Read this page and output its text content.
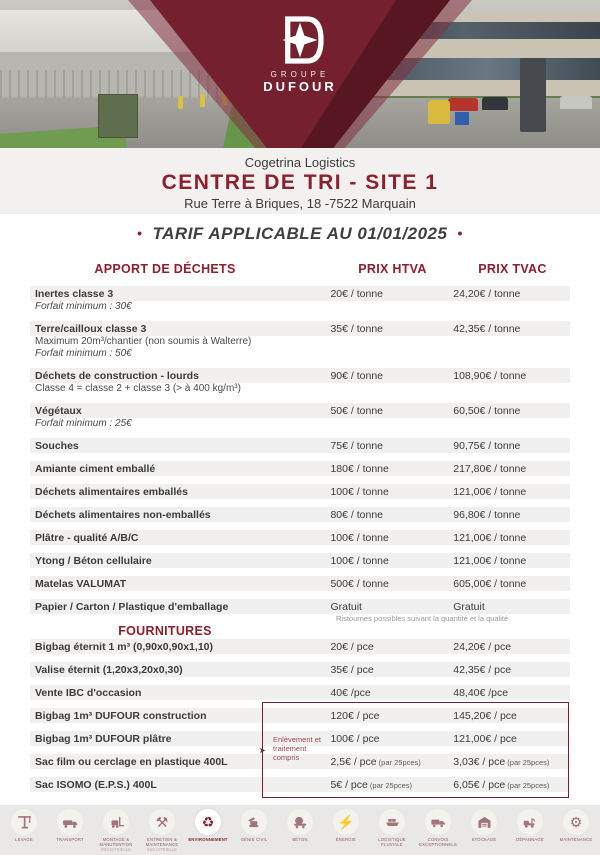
GROUPE
DUFOUR
Cogetrina Logistics
CENTRE DE TRI - SITE 1
Rue Terre à Briques, 18 -7522 Marquain
• TARIF APPLICABLE AU 01/01/2025 •
APPORT DE DÉCHETS	PRIX HTVA	PRIX TVAC
Inertes classe 3	20€ / tonne	24,20€ / tonne
Forfait minimum : 30€
Terre/cailloux classe 3	35€ / tonne	42,35€ / tonne
Maximum 20m³/chantier (non soumis à Walterre)
Forfait minimum : 50€
Déchets de construction - lourds	90€ / tonne	108,90€ / tonne
Classe 4 = classe 2 + classe 3 (> à 400 kg/m³)
Végétaux	50€ / tonne	60,50€ / tonne
Forfait minimum : 25€
Souches	75€ / tonne	90,75€ / tonne
Amiante ciment emballé	180€ / tonne	217,80€ / tonne
Déchets alimentaires emballés	100€ / tonne	121,00€ / tonne
Déchets alimentaires non-emballés	80€ / tonne	96,80€ / tonne
Plâtre - qualité A/B/C	100€ / tonne	121,00€ / tonne
Ytong / Béton cellulaire	100€ / tonne	121,00€ / tonne
Matelas VALUMAT	500€ / tonne	605,00€ / tonne
Papier / Carton / Plastique d'emballage	Gratuit	Gratuit
Ristournes possibles suivant la quantité et la qualité
FOURNITURES
Bigbag éternit 1 m³ (0,90x0,90x1,10)	20€ / pce	24,20€ / pce
Valise éternit (1,20x3,20x0,30)	35€ / pce	42,35€ / pce
Vente IBC d'occasion	40€ /pce	48,40€ /pce
Bigbag 1m³ DUFOUR construction	120€ / pce	145,20€ / pce
Bigbag 1m³ DUFOUR plâtre	100€ / pce	121,00€ / pce
Sac film ou cerclage en plastique 400L	2,5€ / pce (par 25pces)	3,03€ / pce (par 25pces)
Sac ISOMO (E.P.S.) 400L	5€ / pce (par 25pces)	6,05€ / pce (par 25pces)
➤
Enlèvement et traitement compris
LEVAGE	TRANSPORT	MONTAGE & MANUTENTION
INDUSTRIELLE
⚒
ENTRETIEN & MAINTENANCE
INDUSTRIELLE
♻
ENVIRONNEMENT	GÉNIE CIVIL	BÉTON
⚡
ÉNERGIE	LOGISTIQUE FLUVIALE
CONVOIS EXCEPTIONNELS
STOCKAGE	DÉPANNAGE
⚙
MAINTENANCE
